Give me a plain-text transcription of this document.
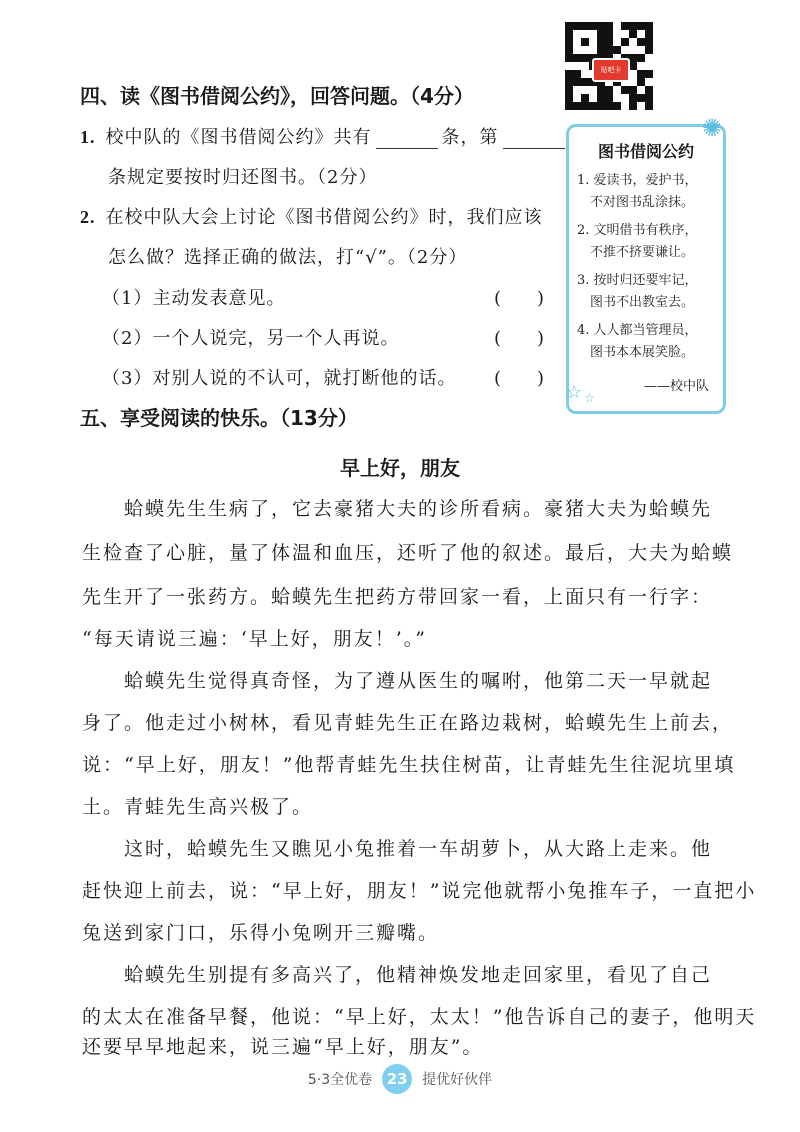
贴吧卡
四、读《图书借阅公约》，回答问题。（4分）
1. 校中队的《图书借阅公约》共有	条，第
条规定要按时归还图书。（2分）
2. 在校中队大会上讨论《图书借阅公约》时，我们应该
怎么做？选择正确的做法，打“√”。（2分）
（1）主动发表意见。	(　　)
（2）一个人说完，另一个人再说。	(　　)
（3）对别人说的不认可，就打断他的话。 (　　)
图书借阅公约
1. 爱读书，爱护书，
　不对图书乱涂抹。
2. 文明借书有秩序，
　不推不挤要谦让。
3. 按时归还要牢记，
　图书不出教室去。
4. 人人都当管理员，
　图书本本展笑脸。
——校中队
✺
☆ ☆
五、享受阅读的快乐。（13分）
早上好，朋友
　　蛤蟆先生生病了，它去豪猪大夫的诊所看病。豪猪大夫为蛤蟆先
生检查了心脏，量了体温和血压，还听了他的叙述。最后，大夫为蛤蟆
先生开了一张药方。蛤蟆先生把药方带回家一看，上面只有一行字：
“每天请说三遍：‘早上好，朋友！’。”
　　蛤蟆先生觉得真奇怪，为了遵从医生的嘱咐，他第二天一早就起
身了。他走过小树林，看见青蛙先生正在路边栽树，蛤蟆先生上前去，
说：“早上好，朋友！”他帮青蛙先生扶住树苗，让青蛙先生往泥坑里填
土。青蛙先生高兴极了。
　　这时，蛤蟆先生又瞧见小兔推着一车胡萝卜，从大路上走来。他
赶快迎上前去，说：“早上好，朋友！”说完他就帮小兔推车子，一直把小
兔送到家门口，乐得小兔咧开三瓣嘴。
　　蛤蟆先生别提有多高兴了，他精神焕发地走回家里，看见了自己
的太太在准备早餐，他说：“早上好，太太！”他告诉自己的妻子，他明天
还要早早地起来，说三遍“早上好，朋友”。
5·3全优卷 23	提优好伙伴
